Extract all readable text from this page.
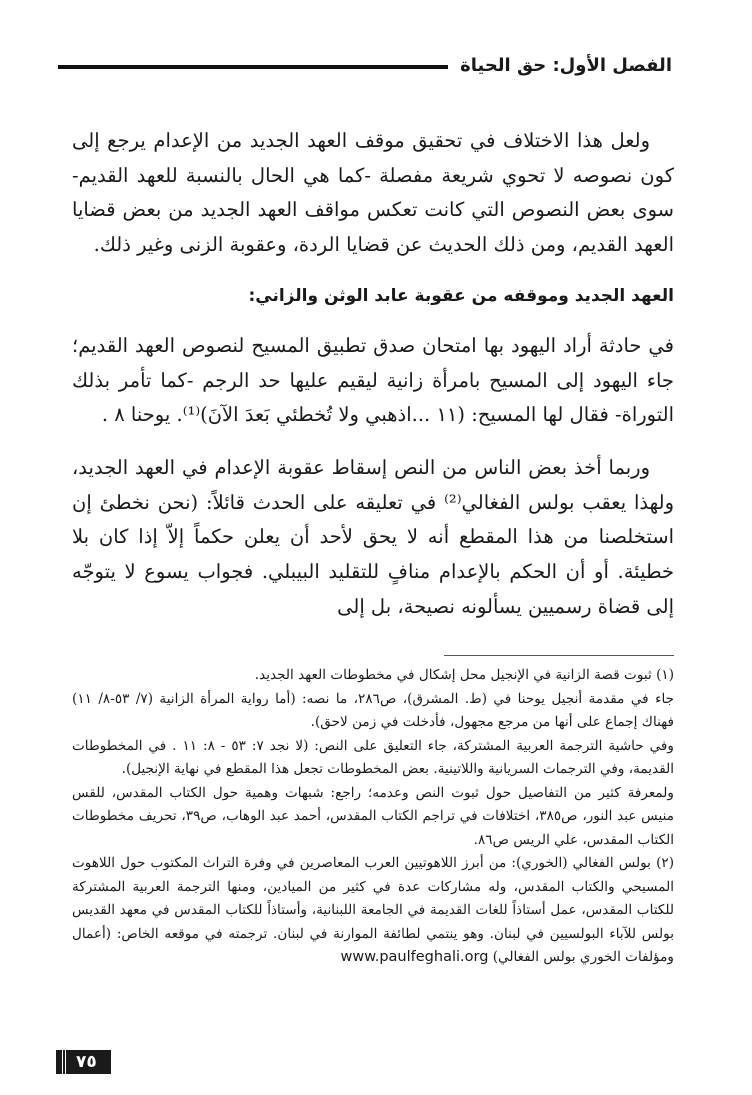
الفصل الأول: حق الحياة

ولعل هذا الاختلاف في تحقيق موقف العهد الجديد من الإعدام يرجع إلى كون نصوصه لا تحوي شريعة مفصلة -كما هي الحال بالنسبة للعهد القديم- سوى بعض النصوص التي كانت تعكس مواقف العهد الجديد من بعض قضايا العهد القديم، ومن ذلك الحديث عن قضايا الردة، وعقوبة الزنى وغير ذلك.

العهد الجديد وموقفه من عقوبة عابد الوثن والزاني:

في حادثة أراد اليهود بها امتحان صدق تطبيق المسيح لنصوص العهد القديم؛ جاء اليهود إلى المسيح بامرأة زانية ليقيم عليها حد الرجم -كما تأمر بذلك التوراة- فقال لها المسيح: (١١ ...اذهبي ولا تُخطئي بَعدَ الآنَ)⁽¹⁾. يوحنا ٨ .

وربما أخذ بعض الناس من النص إسقاط عقوبة الإعدام في العهد الجديد، ولهذا يعقب بولس الفغالي⁽²⁾ في تعليقه على الحدث قائلاً: (نحن نخطئ إن استخلصنا من هذا المقطع أنه لا يحق لأحد أن يعلن حكماً إلاّ إذا كان بلا خطيئة. أو أن الحكم بالإعدام منافٍ للتقليد البيبلي. فجواب يسوع لا يتوجّه إلى قضاة رسميين يسألونه نصيحة، بل إلى

(١) ثبوت قصة الزانية في الإنجيل محل إشكال في مخطوطات العهد الجديد.

جاء في مقدمة أنجيل يوحنا في (ط. المشرق)، ص٢٨٦، ما نصه: (أما رواية المرأة الزانية (٧/ ٥٣-٨/ ١١) فهناك إجماع على أنها من مرجع مجهول، فأدخلت في زمن لاحق).

وفي حاشية الترجمة العربية المشتركة، جاء التعليق على النص: (لا نجد ٧: ٥٣ - ٨: ١١ . في المخطوطات القديمة، وفي الترجمات السريانية واللاتينية. بعض المخطوطات تجعل هذا المقطع في نهاية الإنجيل).

ولمعرفة كثير من التفاصيل حول ثبوت النص وعدمه؛ راجع: شبهات وهمية حول الكتاب المقدس، للقس منيس عبد النور، ص٣٨٥، اختلافات في تراجم الكتاب المقدس، أحمد عبد الوهاب، ص٣٩، تحريف مخطوطات الكتاب المقدس، علي الريس ص٨٦.

(٢) بولس الفغالي (الخوري): من أبرز اللاهوتيين العرب المعاصرين في وفرة التراث المكتوب حول اللاهوت المسيحي والكتاب المقدس، وله مشاركات عدة في كثير من الميادين، ومنها الترجمة العربية المشتركة للكتاب المقدس، عمل أستاذاً للغات القديمة في الجامعة اللبنانية، وأستاذاً للكتاب المقدس في معهد القديس بولس للآباء البولسيين في لبنان. وهو ينتمي لطائفة الموارنة في لبنان. ترجمته في موقعه الخاص: (أعمال ومؤلفات الخوري بولس الفغالي) www.paulfeghali.org

٧٥
